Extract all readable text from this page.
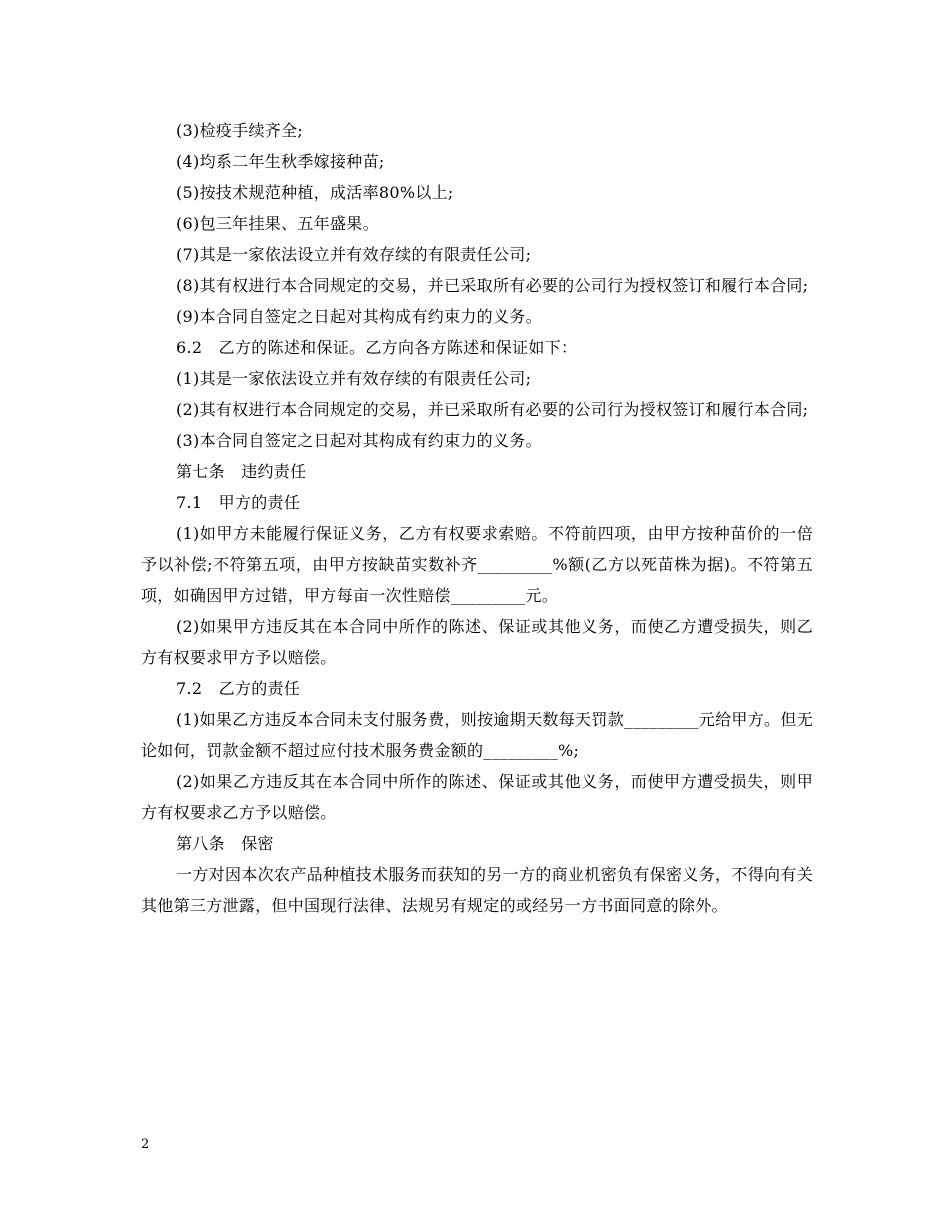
(3)检疫手续齐全;

(4)均系二年生秋季嫁接种苗;

(5)按技术规范种植，成活率80%以上;

(6)包三年挂果、五年盛果。

(7)其是一家依法设立并有效存续的有限责任公司;

(8)其有权进行本合同规定的交易，并已采取所有必要的公司行为授权签订和履行本合同;

(9)本合同自签定之日起对其构成有约束力的义务。

6.2　乙方的陈述和保证。乙方向各方陈述和保证如下：

(1)其是一家依法设立并有效存续的有限责任公司;

(2)其有权进行本合同规定的交易，并已采取所有必要的公司行为授权签订和履行本合同;

(3)本合同自签定之日起对其构成有约束力的义务。

第七条　违约责任

7.1　甲方的责任

(1)如甲方未能履行保证义务，乙方有权要求索赔。不符前四项，由甲方按种苗价的一倍予以补偿;不符第五项，由甲方按缺苗实数补齐_________%额(乙方以死苗株为据)。不符第五项，如确因甲方过错，甲方每亩一次性赔偿_________元。

(2)如果甲方违反其在本合同中所作的陈述、保证或其他义务，而使乙方遭受损失，则乙方有权要求甲方予以赔偿。

7.2　乙方的责任

(1)如果乙方违反本合同未支付服务费，则按逾期天数每天罚款_________元给甲方。但无论如何，罚款金额不超过应付技术服务费金额的_________%;

(2)如果乙方违反其在本合同中所作的陈述、保证或其他义务，而使甲方遭受损失，则甲方有权要求乙方予以赔偿。

第八条　保密

一方对因本次农产品种植技术服务而获知的另一方的商业机密负有保密义务，不得向有关其他第三方泄露，但中国现行法律、法规另有规定的或经另一方书面同意的除外。

2
